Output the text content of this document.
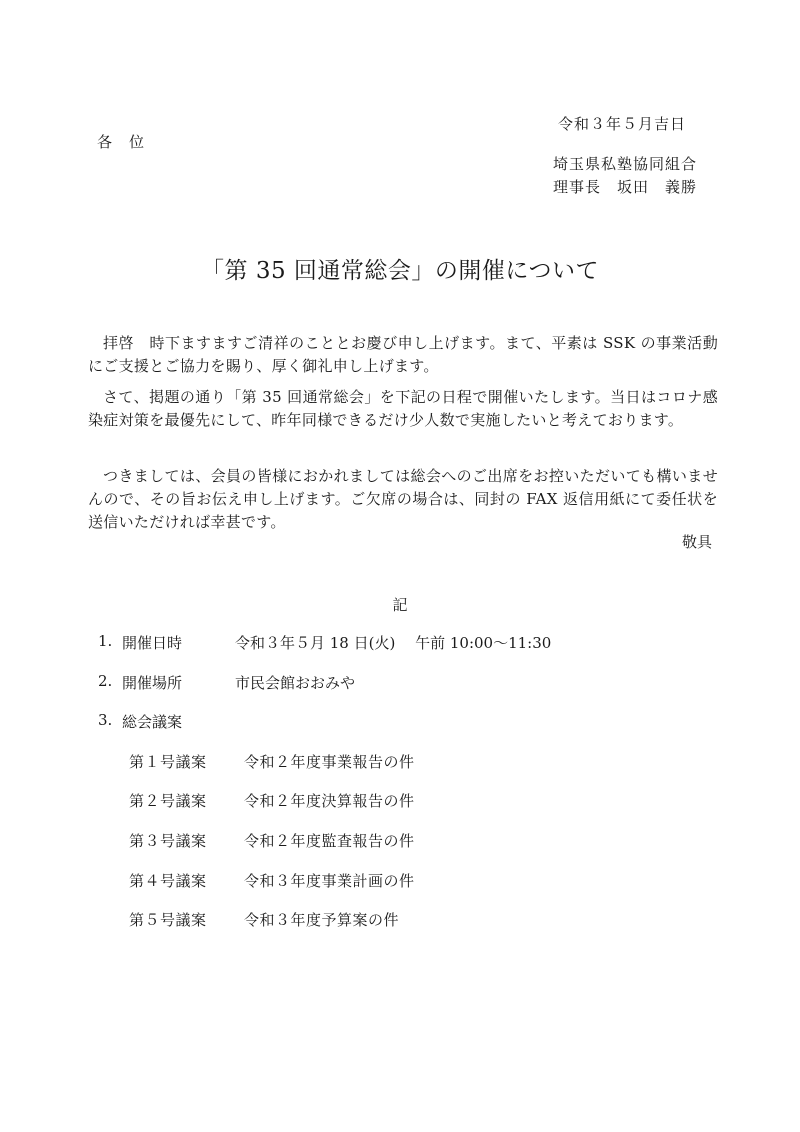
令和３年５月吉日

各　位

埼玉県私塾協同組合

理事長　坂田　義勝

「第 35 回通常総会」の開催について

拝啓　時下ますますご清祥のこととお慶び申し上げます。まて、平素は SSK の事業活動にご支援とご協力を賜り、厚く御礼申し上げます。

さて、掲題の通り「第 35 回通常総会」を下記の日程で開催いたします。当日はコロナ感染症対策を最優先にして、昨年同様できるだけ少人数で実施したいと考えております。

つきましては、会員の皆様におかれましては総会へのご出席をお控いただいても構いませんので、その旨お伝え申し上げます。ご欠席の場合は、同封の FAX 返信用紙にて委任状を送信いただければ幸甚です。

敬具

記

1. 開催日時	令和３年５月 18 日(火)　 午前 10:00～11:30
2. 開催場所	市民会館おおみや
3. 総会議案
第１号議案 令和２年度事業報告の件
第２号議案 令和２年度決算報告の件
第３号議案 令和２年度監査報告の件
第４号議案 令和３年度事業計画の件
第５号議案 令和３年度予算案の件
